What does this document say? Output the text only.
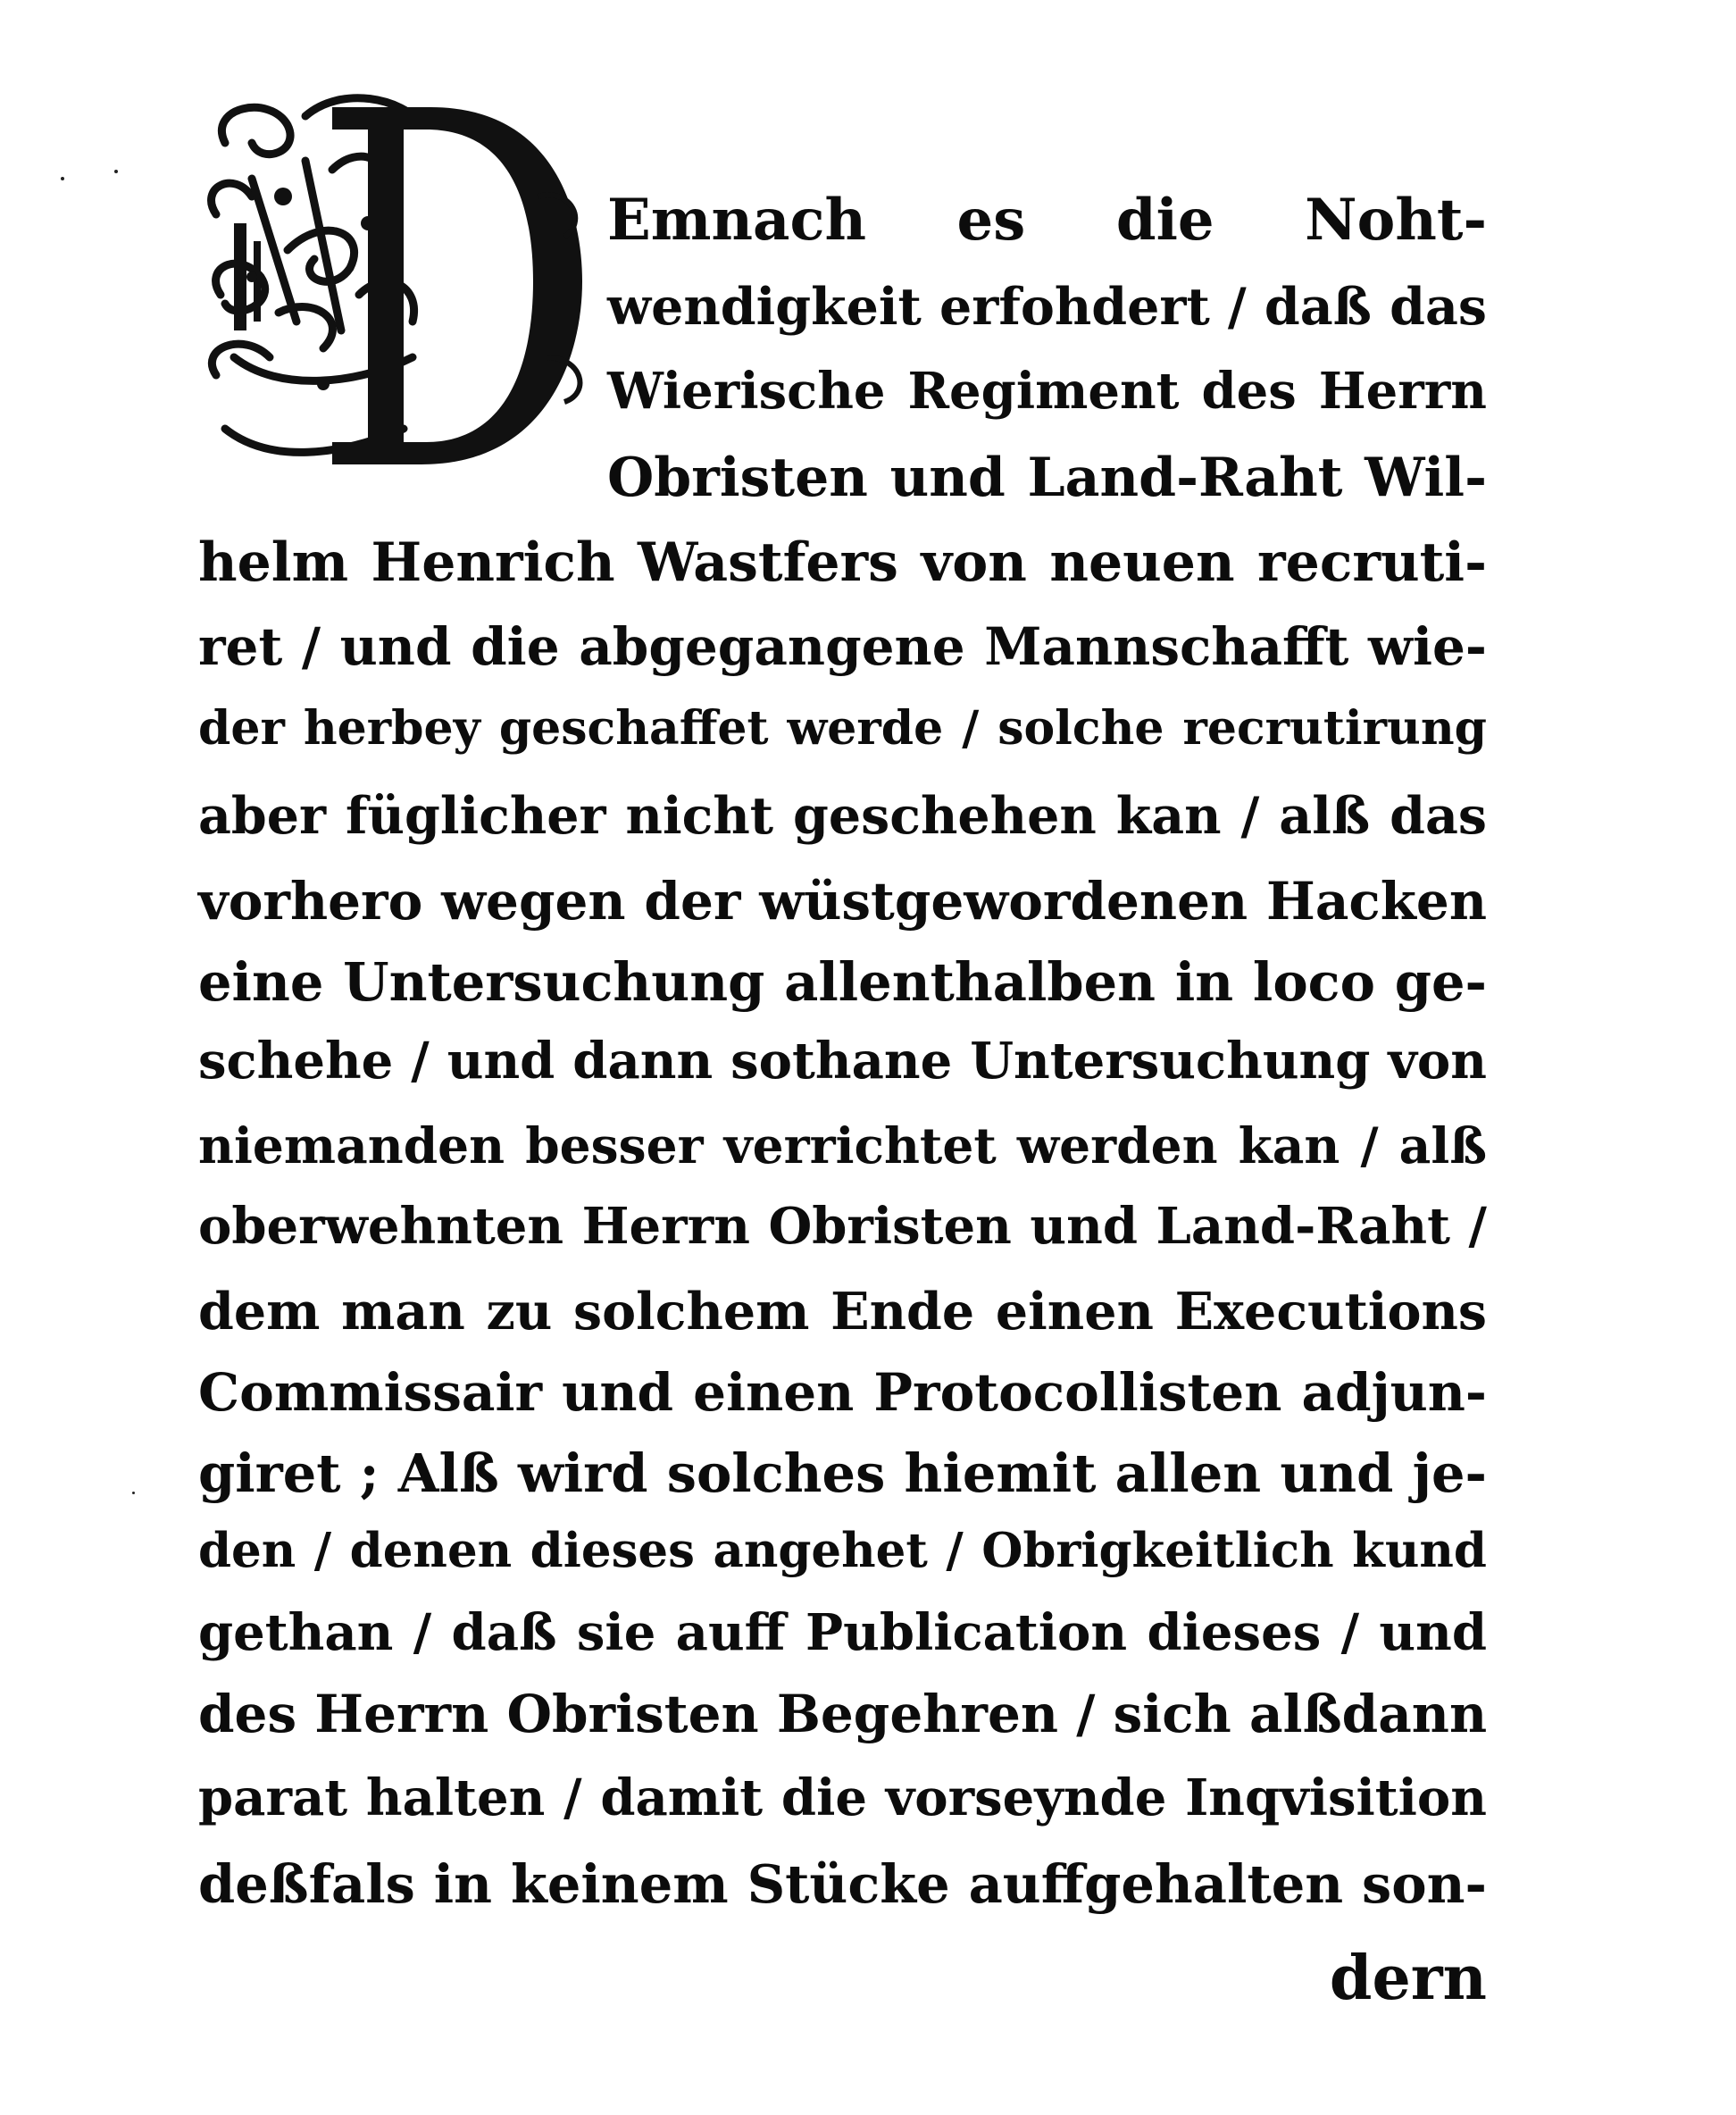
Emnach es die Noht-
wendigkeit erfohdert / daß das
Wierische Regiment des Herrn
Obristen und Land-Raht Wil-
helm Henrich Wastfers von neuen recruti-
ret / und die abgegangene Mannschafft wie-
der herbey geschaffet werde / solche recrutirung
aber füglicher nicht geschehen kan / alß das
vorhero wegen der wüstgewordenen Hacken
eine Untersuchung allenthalben in loco ge-
schehe / und dann sothane Untersuchung von
niemanden besser verrichtet werden kan / alß
oberwehnten Herrn Obristen und Land-Raht /
dem man zu solchem Ende einen Executions
Commissair und einen Protocollisten adjun-
giret ; Alß wird solches hiemit allen und je-
den / denen dieses angehet / Obrigkeitlich kund
gethan / daß sie auff Publication dieses / und
des Herrn Obristen Begehren / sich alßdann
parat halten / damit die vorseynde Inqvisition
deßfals in keinem Stücke auffgehalten son-
dern
